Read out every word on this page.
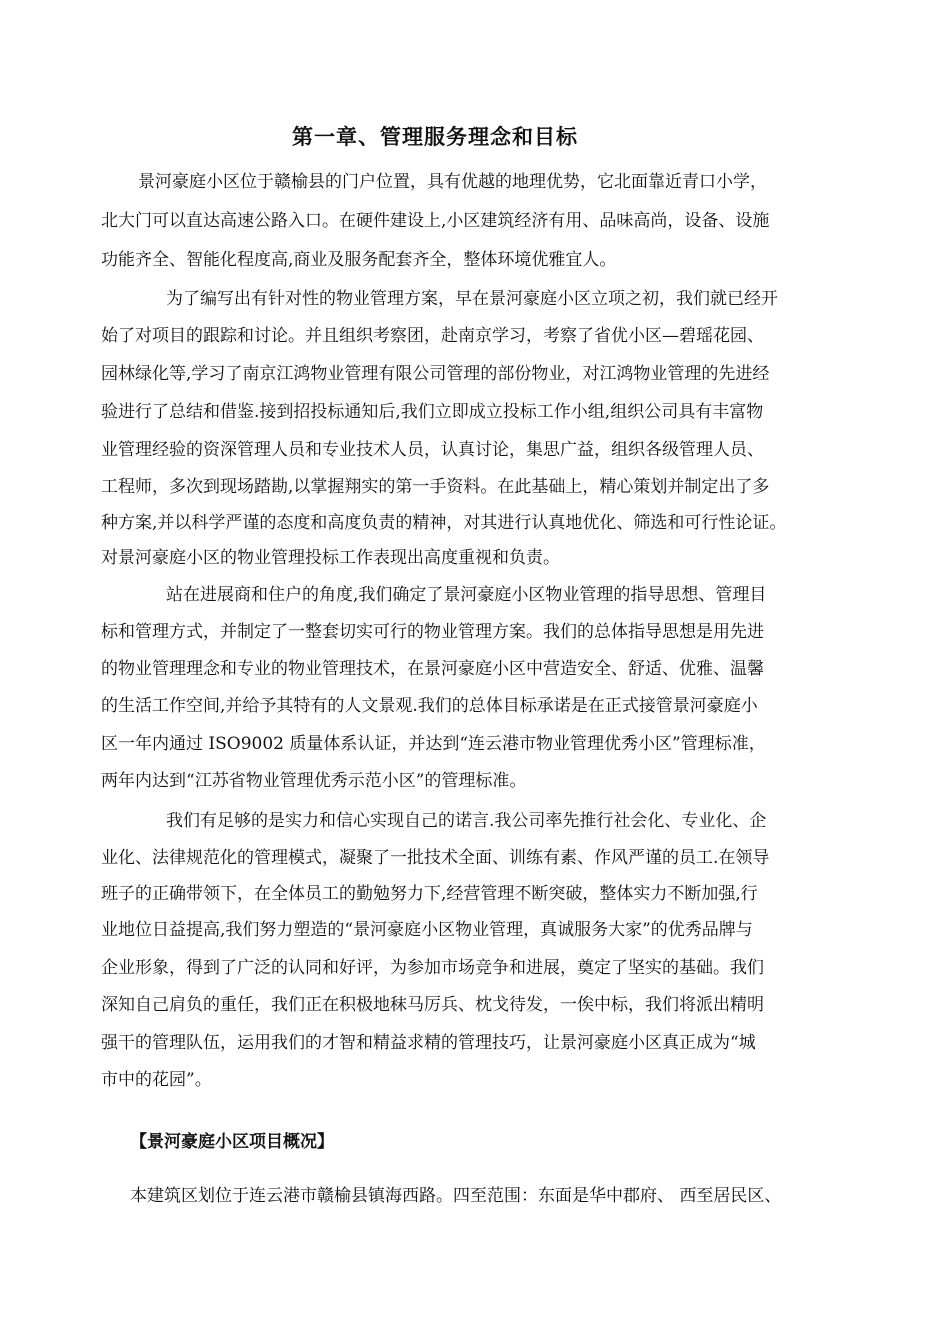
第一章、管理服务理念和目标

景河豪庭小区位于赣榆县的门户位置，具有优越的地理优势，它北面靠近青口小学，

北大门可以直达高速公路入口。在硬件建设上,小区建筑经济有用、品味高尚，设备、设施

功能齐全、智能化程度高,商业及服务配套齐全，整体环境优雅宜人。

为了编写出有针对性的物业管理方案，早在景河豪庭小区立项之初，我们就已经开

始了对项目的跟踪和讨论。并且组织考察团，赴南京学习，考察了省优小区—碧瑶花园、

园林绿化等,学习了南京江鸿物业管理有限公司管理的部份物业，对江鸿物业管理的先进经

验进行了总结和借鉴.接到招投标通知后,我们立即成立投标工作小组,组织公司具有丰富物

业管理经验的资深管理人员和专业技术人员，认真讨论，集思广益，组织各级管理人员、

工程师，多次到现场踏勘,以掌握翔实的第一手资料。在此基础上，精心策划并制定出了多

种方案,并以科学严谨的态度和高度负责的精神，对其进行认真地优化、筛选和可行性论证。

对景河豪庭小区的物业管理投标工作表现出高度重视和负责。

站在进展商和住户的角度,我们确定了景河豪庭小区物业管理的指导思想、管理目

标和管理方式，并制定了一整套切实可行的物业管理方案。我们的总体指导思想是用先进

的物业管理理念和专业的物业管理技术，在景河豪庭小区中营造安全、舒适、优雅、温馨

的生活工作空间,并给予其特有的人文景观.我们的总体目标承诺是在正式接管景河豪庭小

区一年内通过 ISO9002 质量体系认证，并达到“连云港市物业管理优秀小区”管理标准，

两年内达到“江苏省物业管理优秀示范小区”的管理标准。

我们有足够的是实力和信心实现自己的诺言.我公司率先推行社会化、专业化、企

业化、法律规范化的管理模式，凝聚了一批技术全面、训练有素、作风严谨的员工.在领导

班子的正确带领下，在全体员工的勤勉努力下,经营管理不断突破，整体实力不断加强,行

业地位日益提高,我们努力塑造的“景河豪庭小区物业管理，真诚服务大家”的优秀品牌与

企业形象，得到了广泛的认同和好评，为参加市场竞争和进展，奠定了坚实的基础。我们

深知自己肩负的重任，我们正在积极地秣马厉兵、枕戈待发，一俟中标，我们将派出精明

强干的管理队伍，运用我们的才智和精益求精的管理技巧，让景河豪庭小区真正成为“城

市中的花园”。

【景河豪庭小区项目概况】

本建筑区划位于连云港市赣榆县镇海西路。四至范围：东面是华中郡府、 西至居民区、
